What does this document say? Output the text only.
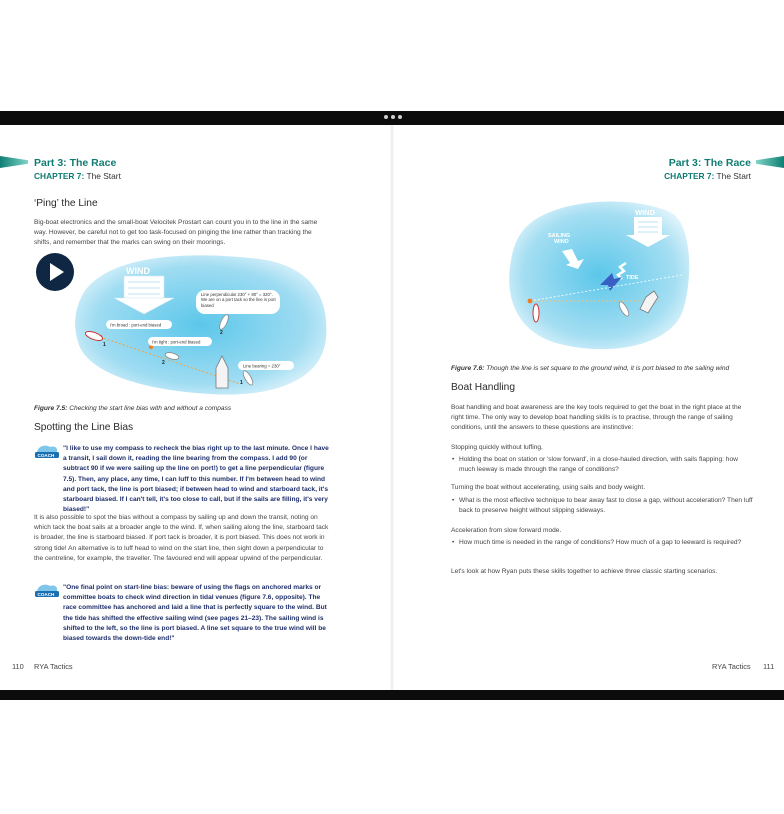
Part 3: The Race
CHAPTER 7: The Start
‘Ping’ the Line
Big-boat electronics and the small-boat Velocitek Prostart can count you in to the line in the same way. However, be careful not to get too task-focused on pinging the line rather than tracking the shifts, and remember that the marks can swing on their moorings.
WIND
1
2
2
1
I'm broad : port-end biased
I'm tight : port-end biased
Line perpendicular 230° + 90° = 320°. We are on a port tack so the line is port biased
Line bearing = 230°
Figure 7.5: Checking the start line bias with and without a compass
Spotting the Line Bias
COACH
"I like to use my compass to recheck the bias right up to the last minute. Once I have a transit, I sail down it, reading the line bearing from the compass. I add 90 (or subtract 90 if we were sailing up the line on port!) to get a line perpendicular (figure 7.5). Then, any place, any time, I can luff to this number. If I'm between head to wind and port tack, the line is port biased; if between head to wind and starboard tack, it's starboard biased. If I can't tell, it's too close to call, but if the sails are filling, it's very biased!"
It is also possible to spot the bias without a compass by sailing up and down the transit, noting on which tack the boat sails at a broader angle to the wind. If, when sailing along the line, starboard tack is broader, the line is starboard biased. If port tack is broader, it is port biased. This does not work in strong tide! An alternative is to luff head to wind on the start line, then sight down a perpendicular to the centreline, for example, the traveller. The favoured end will appear upwind of the perpendicular.
COACH
"One final point on start-line bias: beware of using the flags on anchored marks or committee boats to check wind direction in tidal venues (figure 7.6, opposite). The race committee has anchored and laid a line that is perfectly square to the wind. But the tide has shifted the effective sailing wind (see pages 21–23). The sailing wind is shifted to the left, so the line is port biased. A line set square to the true wind will be biased towards the down-tide end!"
110 RYA Tactics
Part 3: The Race
CHAPTER 7: The Start
WIND
SAILING
WIND
TIDE
Figure 7.6: Though the line is set square to the ground wind, it is port biased to the sailing wind
Boat Handling
Boat handling and boat awareness are the key tools required to get the boat in the right place at the right time. The only way to develop boat handling skills is to practise, through the range of sailing conditions, until the answers to these questions are instinctive:
Stopping quickly without luffing.
• Holding the boat on station or 'slow forward', in a close-hauled direction, with sails flapping: how much leeway is made through the range of conditions?
Turning the boat without accelerating, using sails and body weight.
• What is the most effective technique to bear away fast to close a gap, without acceleration? Then luff back to preserve height without slipping sideways.
Acceleration from slow forward mode.
• How much time is needed in the range of conditions? How much of a gap to leeward is required?
Let's look at how Ryan puts these skills together to achieve three classic starting scenarios.
RYA Tactics 111
